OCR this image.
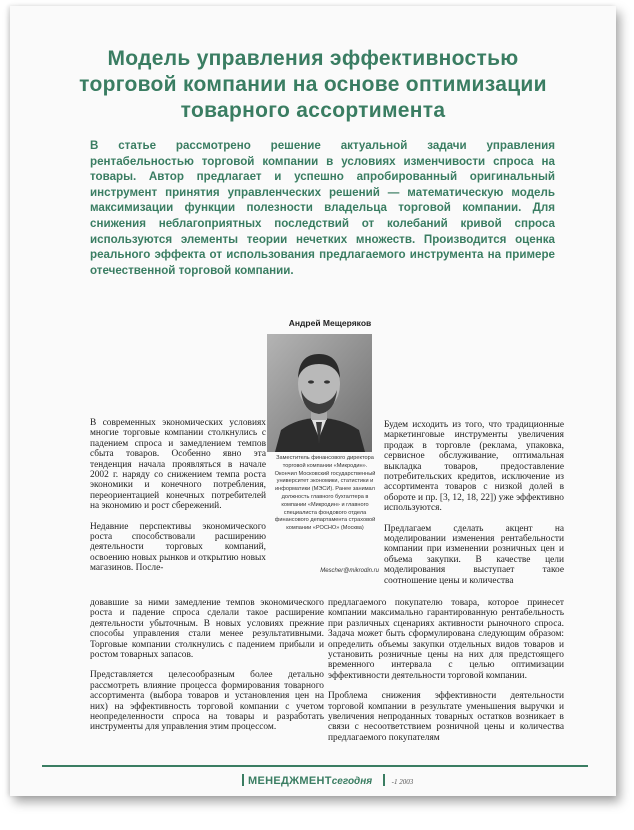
Модель управления эффективностью
торговой компании на основе оптимизации
товарного ассортимента
В статье рассмотрено решение актуальной задачи управления рентабельностью торговой компании в условиях изменчивости спроса на товары. Автор предлагает и успешно апробированный оригинальный инструмент принятия управленческих решений — математическую модель максимизации функции полезности владельца торговой компании. Для снижения неблагоприятных последствий от колебаний кривой спроса используются элементы теории нечетких множеств. Производится оценка реального эффекта от использования предлагаемого инструмента на примере отечественной торговой компании.
Андрей Мещеряков
Заместитель финансового директора торговой компании «Микродин». Окончил Московский государственный университет экономики, статистики и информатики (МЭСИ). Ранее занимал должность главного бухгалтера в компании «Микродин» и главного специалиста фондового отдела финансового департамента страховой компании «РОСНО» (Москва)
Mescher@mikrodin.ru

В современных экономических условиях многие торговые компании столкнулись с падением спроса и замедлением темпов сбыта товаров. Особенно явно эта тенденция начала проявляться в начале 2002 г. наряду со снижением темпа роста экономики и конечного потребления, переориентацией конечных потребителей на экономию и рост сбережений.

Недавние перспективы экономического роста способствовали расширению деятельности торговых компаний, освоению новых рынков и открытию новых магазинов. После-

довавшие за ними замедление темпов экономического роста и падение спроса сделали такое расширение деятельности убыточным. В новых условиях прежние способы управления стали менее результативными. Торговые компании столкнулись с падением прибыли и ростом товарных запасов.

Представляется целесообразным более детально рассмотреть влияние процесса формирования товарного ассортимента (выбора товаров и установления цен на них) на эффективность торговой компании с учетом неопределенности спроса на товары и разработать инструменты для управления этим процессом.

Будем исходить из того, что традиционные маркетинговые инструменты увеличения продаж в торговле (реклама, упаковка, сервисное обслуживание, оптимальная выкладка товаров, предоставление потребительских кредитов, исключение из ассортимента товаров с низкой долей в обороте и пр. [3, 12, 18, 22]) уже эффективно используются.

Предлагаем сделать акцент на моделировании изменения рентабельности компании при изменении розничных цен и объема закупки. В качестве цели моделирования выступает такое соотношение цены и количества

предлагаемого покупателю товара, которое принесет компании максимально гарантированную рентабельность при различных сценариях активности рыночного спроса. Задача может быть сформулирована следующим образом: определить объемы закупки отдельных видов товаров и установить розничные цены на них для предстоящего временного интервала с целью оптимизации эффективности деятельности торговой компании.

Проблема снижения эффективности деятельности торговой компании в результате уменьшения выручки и увеличения непроданных товарных остатков возникает в связи с несоответствием розничной цены и количества предлагаемого покупателям

МЕНЕДЖМЕНТсегодня	-1 2003
